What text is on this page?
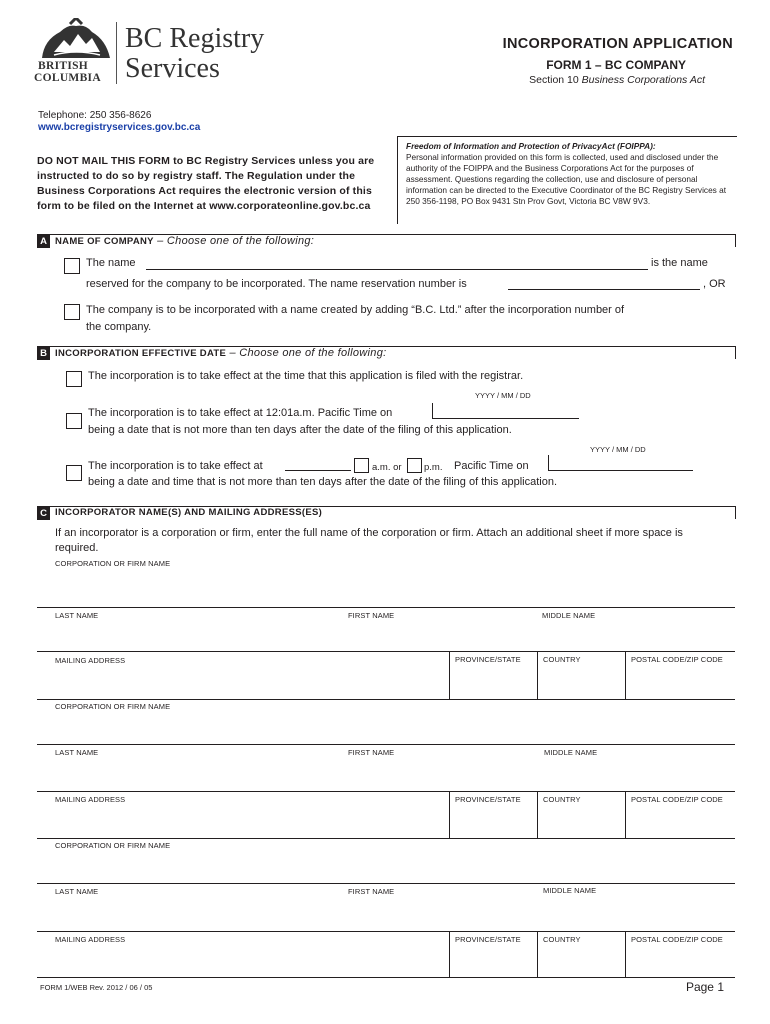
BRITISH
COLUMBIA
BC Registry
Services
INCORPORATION APPLICATION
FORM 1 – BC COMPANY
Section 10 Business Corporations Act
Telephone: 250 356-8626
www.bcregistryservices.gov.bc.ca
DO NOT MAIL THIS FORM to BC Registry Services unless you are instructed to do so by registry staff. The Regulation under the Business Corporations Act requires the electronic version of this form to be filed on the Internet at www.corporateonline.gov.bc.ca
Freedom of Information and Protection of PrivacyAct (FOIPPA):
Personal information provided on this form is collected, used and disclosed under the authority of the FOIPPA and the Business Corporations Act for the purposes of assessment. Questions regarding the collection, use and disclosure of personal information can be directed to the Executive Coordinator of the BC Registry Services at 250 356-1198, PO Box 9431 Stn Prov Govt, Victoria BC V8W 9V3.
A NAME OF COMPANY – Choose one of the following:
The name	is the name
reserved for the company to be incorporated. The name reservation number is	, OR
The company is to be incorporated with a name created by adding “B.C. Ltd.” after the incorporation number of
the company.
B INCORPORATION EFFECTIVE DATE – Choose one of the following:
The incorporation is to take effect at the time that this application is filed with the registrar.
YYYY / MM / DD
The incorporation is to take effect at 12:01a.m. Pacific Time on
being a date that is not more than ten days after the date of the filing of this application.
YYYY / MM / DD
The incorporation is to take effect at	a.m. or p.m. Pacific Time on
being a date and time that is not more than ten days after the date of the filing of this application.
C INCORPORATOR NAME(S) AND MAILING ADDRESS(ES)
If an incorporator is a corporation or firm, enter the full name of the corporation or firm. Attach an additional sheet if more space is required.
CORPORATION OR FIRM NAME
LAST NAME	FIRST NAME	MIDDLE NAME
MAILING ADDRESS	PROVINCE/STATE	COUNTRY	POSTAL CODE/ZIP CODE
CORPORATION OR FIRM NAME
LAST NAME	FIRST NAME	MIDDLE NAME
MAILING ADDRESS	PROVINCE/STATE	COUNTRY	POSTAL CODE/ZIP CODE
CORPORATION OR FIRM NAME
LAST NAME	FIRST NAME	MIDDLE NAME
MAILING ADDRESS	PROVINCE/STATE	COUNTRY	POSTAL CODE/ZIP CODE
FORM 1/WEB Rev. 2012 / 06 / 05	Page 1
